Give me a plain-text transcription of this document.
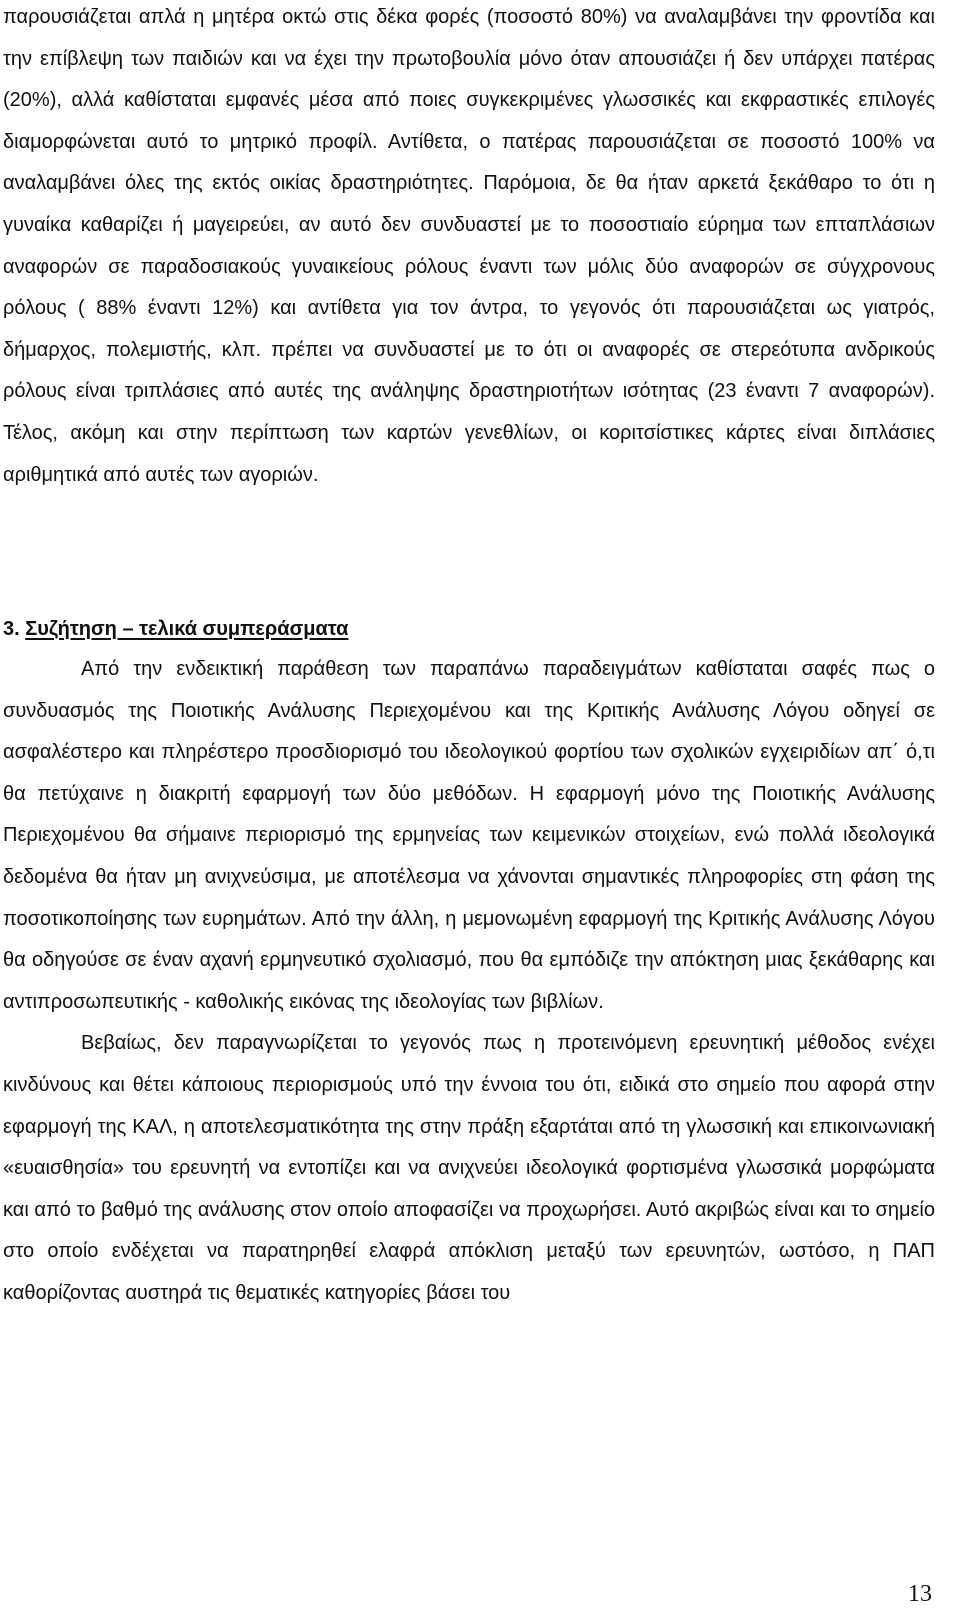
παρουσιάζεται απλά η μητέρα οκτώ στις δέκα φορές (ποσοστό 80%) να αναλαμβάνει την φροντίδα και την επίβλεψη των παιδιών και να έχει την πρωτοβουλία μόνο όταν απουσιάζει ή δεν υπάρχει πατέρας (20%), αλλά καθίσταται εμφανές μέσα από ποιες συγκεκριμένες γλωσσικές και εκφραστικές επιλογές διαμορφώνεται αυτό το μητρικό προφίλ. Αντίθετα, ο πατέρας παρουσιάζεται σε ποσοστό 100% να αναλαμβάνει όλες της εκτός οικίας δραστηριότητες. Παρόμοια, δε θα ήταν αρκετά ξεκάθαρο το ότι η γυναίκα καθαρίζει ή μαγειρεύει, αν αυτό δεν συνδυαστεί με το ποσοστιαίο εύρημα των επταπλάσιων αναφορών σε παραδοσιακούς γυναικείους ρόλους έναντι των μόλις δύο αναφορών σε σύγχρονους ρόλους ( 88% έναντι 12%) και αντίθετα για τον άντρα, το γεγονός ότι παρουσιάζεται ως γιατρός, δήμαρχος, πολεμιστής, κλπ. πρέπει να συνδυαστεί με το ότι οι αναφορές σε στερεότυπα ανδρικούς ρόλους είναι τριπλάσιες από αυτές της ανάληψης δραστηριοτήτων ισότητας (23 έναντι 7 αναφορών). Τέλος, ακόμη και στην περίπτωση των καρτών γενεθλίων, οι κοριτσίστικες κάρτες είναι διπλάσιες αριθμητικά από αυτές των αγοριών.

3. Συζήτηση – τελικά συμπεράσματα

Από την ενδεικτική παράθεση των παραπάνω παραδειγμάτων καθίσταται σαφές πως ο συνδυασμός της Ποιοτικής Ανάλυσης Περιεχομένου και της Κριτικής Ανάλυσης Λόγου οδηγεί σε ασφαλέστερο και πληρέστερο προσδιορισμό του ιδεολογικού φορτίου των σχολικών εγχειριδίων απ΄ ό,τι θα πετύχαινε η διακριτή εφαρμογή των δύο μεθόδων. Η εφαρμογή μόνο της Ποιοτικής Ανάλυσης Περιεχομένου θα σήμαινε περιορισμό της ερμηνείας των κειμενικών στοιχείων, ενώ πολλά ιδεολογικά δεδομένα θα ήταν μη ανιχνεύσιμα, με αποτέλεσμα να χάνονται σημαντικές πληροφορίες στη φάση της ποσοτικοποίησης των ευρημάτων. Από την άλλη, η μεμονωμένη εφαρμογή της Κριτικής Ανάλυσης Λόγου θα οδηγούσε σε έναν αχανή ερμηνευτικό σχολιασμό, που θα εμπόδιζε την απόκτηση μιας ξεκάθαρης και αντιπροσωπευτικής - καθολικής εικόνας της ιδεολογίας των βιβλίων.

Βεβαίως, δεν παραγνωρίζεται το γεγονός πως η προτεινόμενη ερευνητική μέθοδος ενέχει κινδύνους και θέτει κάποιους περιορισμούς υπό την έννοια του ότι, ειδικά στο σημείο που αφορά στην εφαρμογή της ΚΑΛ, η αποτελεσματικότητα της στην πράξη εξαρτάται από τη γλωσσική και επικοινωνιακή «ευαισθησία» του ερευνητή να εντοπίζει και να ανιχνεύει ιδεολογικά φορτισμένα γλωσσικά μορφώματα και από το βαθμό της ανάλυσης στον οποίο αποφασίζει να προχωρήσει. Αυτό ακριβώς είναι και το σημείο στο οποίο ενδέχεται να παρατηρηθεί ελαφρά απόκλιση μεταξύ των ερευνητών, ωστόσο, η ΠΑΠ καθορίζοντας αυστηρά τις θεματικές κατηγορίες βάσει του

13
